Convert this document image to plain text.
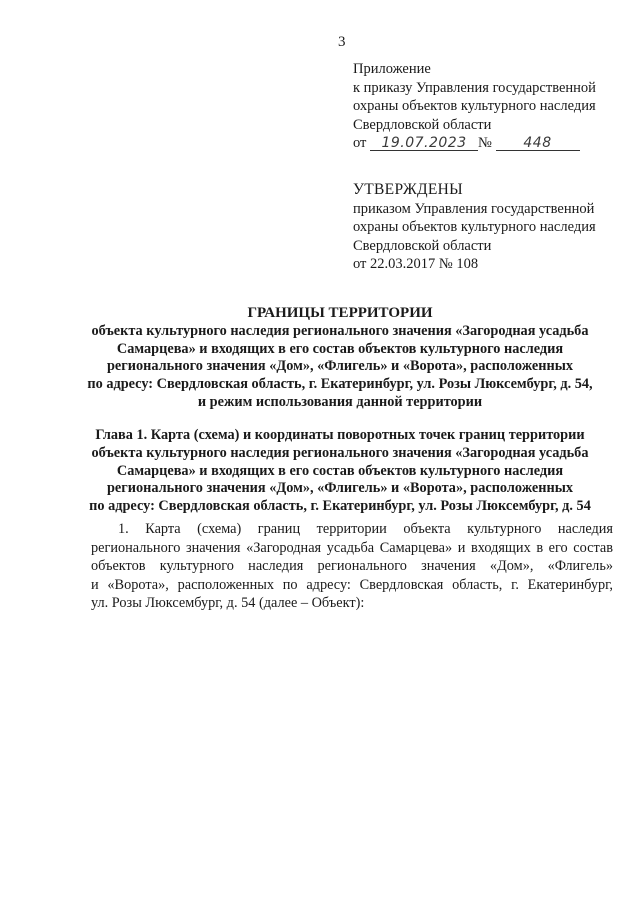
3
Приложение
к приказу Управления государственной
охраны объектов культурного наследия
Свердловской области
от 19.07.2023 № 448
УТВЕРЖДЕНЫ
приказом Управления государственной
охраны объектов культурного наследия
Свердловской области
от 22.03.2017 № 108
ГРАНИЦЫ ТЕРРИТОРИИ
объекта культурного наследия регионального значения «Загородная усадьба
Самарцева» и входящих в его состав объектов культурного наследия
регионального значения «Дом», «Флигель» и «Ворота», расположенных
по адресу: Свердловская область, г. Екатеринбург, ул. Розы Люксембург, д. 54,
и режим использования данной территории
Глава 1. Карта (схема) и координаты поворотных точек границ территории
объекта культурного наследия регионального значения «Загородная усадьба
Самарцева» и входящих в его состав объектов культурного наследия
регионального значения «Дом», «Флигель» и «Ворота», расположенных
по адресу: Свердловская область, г. Екатеринбург, ул. Розы Люксембург, д. 54
1. Карта (схема) границ территории объекта культурного наследия
регионального значения «Загородная усадьба Самарцева» и входящих в его состав
объектов культурного наследия регионального значения «Дом», «Флигель»
и «Ворота», расположенных по адресу: Свердловская область, г. Екатеринбург,
ул. Розы Люксембург, д. 54 (далее – Объект):
